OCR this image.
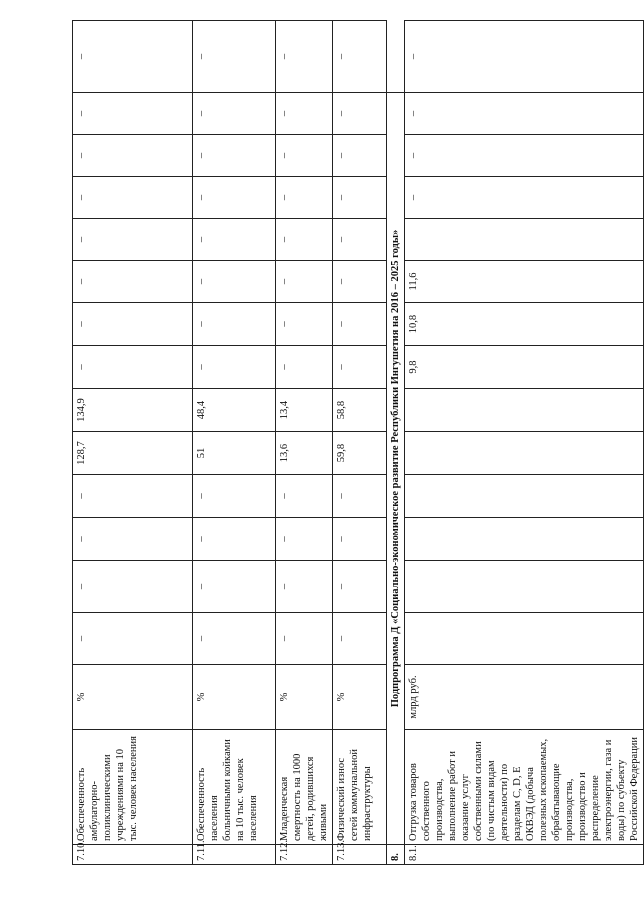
7.10.	Обеспеченность амбулаторно-поликлиническими учреждениями на 10 тыс. человек населения	%	–	–	–	–	128,7	134,9	–	–	–	–	–	–	–	–
7.11.	Обеспеченность населения больничными койками на 10 тыс. человек населения	%	–	–	–	–	51	48,4	–	–	–	–	–	–	–	–
7.12.	Младенческая смертность на 1000 детей, родившихся живыми	%	–	–	–	–	13,6	13,4	–	–	–	–	–	–	–	–
7.13.	Физический износ сетей коммунальной инфраструктуры	%	–	–	–	–	59,8	58,8	–	–	–	–	–	–	–	–
8.	Подпрограмма Д «Социально-экономическое развитие Республики Ингушетия на 2016 – 2025 годы»															
8.1.	Отгрузка товаров собственного производства, выполнение работ и оказание услуг собственными силами (по чистым видам деятельности) по разделам C, D, E ОКВЭД (добыча полезных ископаемых, обрабатывающие производства, производство и распределение электроэнергии, газа и воды) по субъекту Российской Федерации	млрд руб.							9,8	10,8	11,6		–	–	–	–
